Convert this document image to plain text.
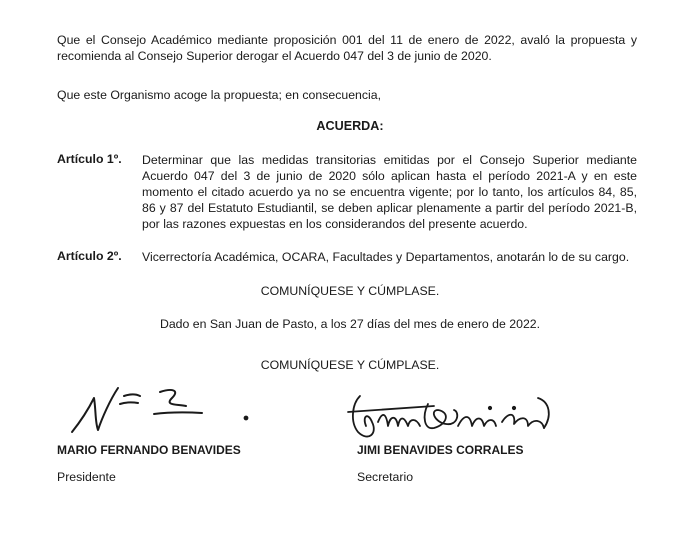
Que el Consejo Académico mediante proposición 001 del 11 de enero de 2022, avaló la propuesta y recomienda al Consejo Superior derogar el Acuerdo 047 del 3 de junio de 2020.

Que este Organismo acoge la propuesta; en consecuencia,

ACUERDA:

Artículo 1º. Determinar que las medidas transitorias emitidas por el Consejo Superior mediante Acuerdo 047 del 3 de junio de 2020 sólo aplican hasta el período 2021-A y en este momento el citado acuerdo ya no se encuentra vigente; por lo tanto, los artículos 84, 85, 86 y 87 del Estatuto Estudiantil, se deben aplicar plenamente a partir del período 2021-B, por las razones expuestas en los considerandos del presente acuerdo.

Artículo 2º. Vicerrectoría Académica, OCARA, Facultades y Departamentos, anotarán lo de su cargo.

COMUNÍQUESE Y CÚMPLASE.

Dado en San Juan de Pasto, a los 27 días del mes de enero de 2022.

COMUNÍQUESE Y CÚMPLASE.

MARIO FERNANDO BENAVIDES

Presidente

JIMI BENAVIDES CORRALES

Secretario
